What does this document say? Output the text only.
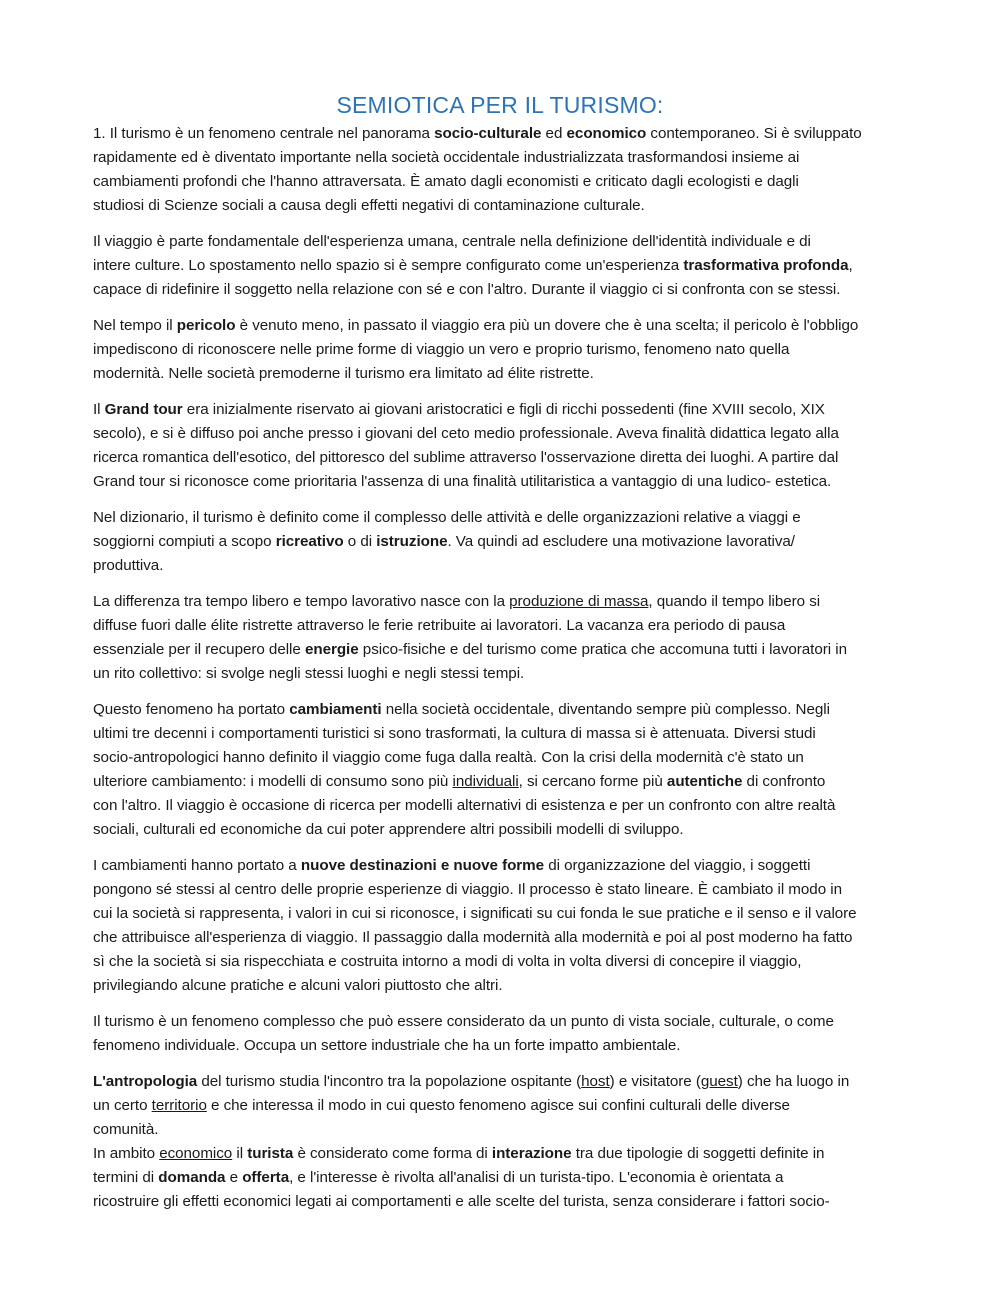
SEMIOTICA PER IL TURISMO:
1. Il turismo è un fenomeno centrale nel panorama socio-culturale ed economico contemporaneo. Si è sviluppato
rapidamente ed è diventato importante nella società occidentale industrializzata trasformandosi insieme ai
cambiamenti profondi che l'hanno attraversata. È amato dagli economisti e criticato dagli ecologisti e dagli
studiosi di Scienze sociali a causa degli effetti negativi di contaminazione culturale.
Il viaggio è parte fondamentale dell'esperienza umana, centrale nella definizione dell'identità individuale e di
intere culture. Lo spostamento nello spazio si è sempre configurato come un'esperienza trasformativa profonda,
capace di ridefinire il soggetto nella relazione con sé e con l'altro. Durante il viaggio ci si confronta con se stessi.
Nel tempo il pericolo è venuto meno, in passato il viaggio era più un dovere che è una scelta; il pericolo è l'obbligo
impediscono di riconoscere nelle prime forme di viaggio un vero e proprio turismo, fenomeno nato quella
modernità. Nelle società premoderne il turismo era limitato ad élite ristrette.
Il Grand tour era inizialmente riservato ai giovani aristocratici e figli di ricchi possedenti (fine XVIII secolo, XIX
secolo), e si è diffuso poi anche presso i giovani del ceto medio professionale. Aveva finalità didattica legato alla
ricerca romantica dell'esotico, del pittoresco del sublime attraverso l'osservazione diretta dei luoghi. A partire dal
Grand tour si riconosce come prioritaria l'assenza di una finalità utilitaristica a vantaggio di una ludico- estetica.
Nel dizionario, il turismo è definito come il complesso delle attività e delle organizzazioni relative a viaggi e
soggiorni compiuti a scopo ricreativo o di istruzione. Va quindi ad escludere una motivazione lavorativa/
produttiva.
La differenza tra tempo libero e tempo lavorativo nasce con la produzione di massa, quando il tempo libero si
diffuse fuori dalle élite ristrette attraverso le ferie retribuite ai lavoratori. La vacanza era periodo di pausa
essenziale per il recupero delle energie psico-fisiche e del turismo come pratica che accomuna tutti i lavoratori in
un rito collettivo: si svolge negli stessi luoghi e negli stessi tempi.
Questo fenomeno ha portato cambiamenti nella società occidentale, diventando sempre più complesso. Negli
ultimi tre decenni i comportamenti turistici si sono trasformati, la cultura di massa si è attenuata. Diversi studi
socio-antropologici hanno definito il viaggio come fuga dalla realtà. Con la crisi della modernità c'è stato un
ulteriore cambiamento: i modelli di consumo sono più individuali, si cercano forme più autentiche di confronto
con l'altro. Il viaggio è occasione di ricerca per modelli alternativi di esistenza e per un confronto con altre realtà
sociali, culturali ed economiche da cui poter apprendere altri possibili modelli di sviluppo.
I cambiamenti hanno portato a nuove destinazioni e nuove forme di organizzazione del viaggio, i soggetti
pongono sé stessi al centro delle proprie esperienze di viaggio. Il processo è stato lineare. È cambiato il modo in
cui la società si rappresenta, i valori in cui si riconosce, i significati su cui fonda le sue pratiche e il senso e il valore
che attribuisce all'esperienza di viaggio. Il passaggio dalla modernità alla modernità e poi al post moderno ha fatto
sì che la società si sia rispecchiata e costruita intorno a modi di volta in volta diversi di concepire il viaggio,
privilegiando alcune pratiche e alcuni valori piuttosto che altri.
Il turismo è un fenomeno complesso che può essere considerato da un punto di vista sociale, culturale, o come
fenomeno individuale. Occupa un settore industriale che ha un forte impatto ambientale.
L'antropologia del turismo studia l'incontro tra la popolazione ospitante (host) e visitatore (guest) che ha luogo in
un certo territorio e che interessa il modo in cui questo fenomeno agisce sui confini culturali delle diverse
comunità.
In ambito economico il turista è considerato come forma di interazione tra due tipologie di soggetti definite in
termini di domanda e offerta, e l'interesse è rivolta all'analisi di un turista-tipo. L'economia è orientata a
ricostruire gli effetti economici legati ai comportamenti e alle scelte del turista, senza considerare i fattori socio-
